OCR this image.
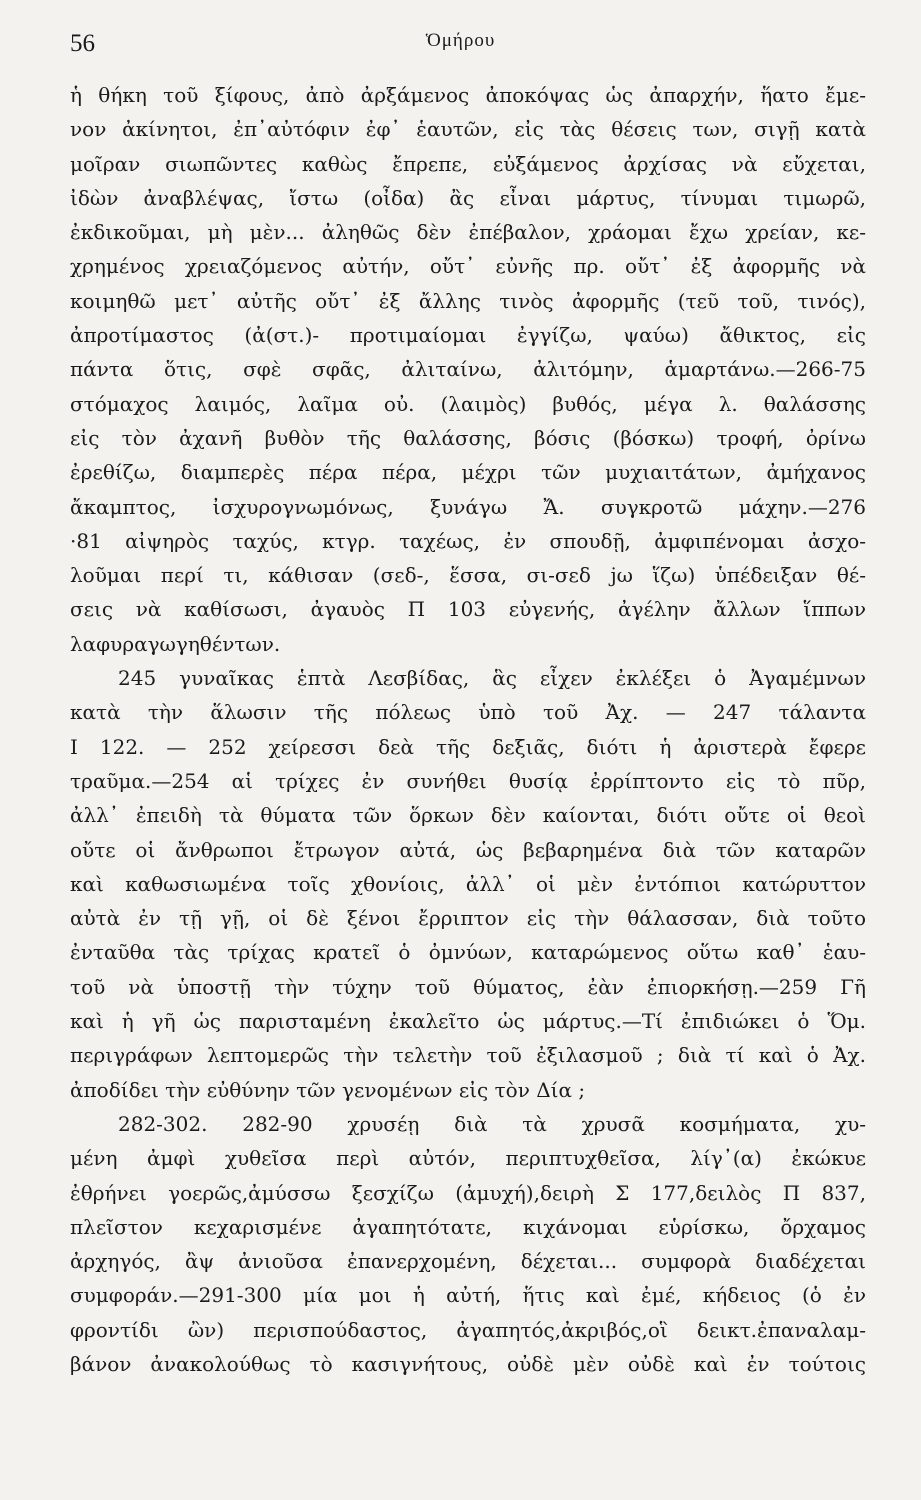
56	Ὁμήρου
ἡ θήκη τοῦ ξίφους, ἀπὸ ἀρξάμενος ἀποκόψας ὡς ἀπαρχήν, ἥατο ἔμε-
νον ἀκίνητοι, ἐπ᾽αὐτόφιν ἐφ᾽ ἑαυτῶν, εἰς τὰς θέσεις των, σιγῇ κατὰ
μοῖραν σιωπῶντες καθὼς ἔπρεπε, εὐξάμενος ἀρχίσας νὰ εὔχεται,
ἰδὼν ἀναβλέψας, ἴστω (οἶδα) ἂς εἶναι μάρτυς, τίνυμαι τιμωρῶ,
ἐκδικοῦμαι, μὴ μὲν... ἀληθῶς δὲν ἐπέβαλον, χράομαι ἔχω χρείαν, κε-
χρημένος χρειαζόμενος αὐτήν, οὔτ᾽ εὐνῆς πρ. οὔτ᾽ ἐξ ἀφορμῆς νὰ
κοιμηθῶ μετ᾽ αὐτῆς οὔτ᾽ ἐξ ἄλλης τινὸς ἀφορμῆς (τεῦ τοῦ, τινός),
ἀπροτίμαστος (ἀ(στ.)- προτιμαίομαι ἐγγίζω, ψαύω) ἄθικτος, εἰς
πάντα ὅτις, σφὲ σφᾶς, ἀλιταίνω, ἀλιτόμην, ἁμαρτάνω.—266-75
στόμαχος λαιμός, λαῖμα οὐ. (λαιμὸς) βυθός, μέγα λ. θαλάσσης
εἰς τὸν ἀχανῆ βυθὸν τῆς θαλάσσης, βόσις (βόσκω) τροφή, ὀρίνω
ἐρεθίζω, διαμπερὲς πέρα πέρα, μέχρι τῶν μυχιαιτάτων, ἀμήχανος
ἄκαμπτος, ἰσχυρογνωμόνως, ξυνάγω Ἄ. συγκροτῶ μάχην.—276
·81 αἰψηρὸς ταχύς, κτγρ. ταχέως, ἐν σπουδῇ, ἀμφιπένομαι ἀσχο-
λοῦμαι περί τι, κάθισαν (σεδ-, ἕσσα, σι-σεδ jω ἵζω) ὑπέδειξαν θέ-
σεις νὰ καθίσωσι, ἀγαυὸς Π 103 εὐγενής, ἀγέλην ἄλλων ἵππων
λαφυραγωγηθέντων.
245 γυναῖκας ἑπτὰ Λεσβίδας, ἃς εἶχεν ἐκλέξει ὁ Ἀγαμέμνων
κατὰ τὴν ἅλωσιν τῆς πόλεως ὑπὸ τοῦ Ἀχ. — 247 τάλαντα
Ι 122. — 252 χείρεσσι δεὰ τῆς δεξιᾶς, διότι ἡ ἀριστερὰ ἔφερε
τραῦμα.—254 αἱ τρίχες ἐν συνήθει θυσίᾳ ἐρρίπτοντο εἰς τὸ πῦρ,
ἀλλ᾽ ἐπειδὴ τὰ θύματα τῶν ὅρκων δὲν καίονται, διότι οὔτε οἱ θεοὶ
οὔτε οἱ ἄνθρωποι ἔτρωγον αὐτά, ὡς βεβαρημένα διὰ τῶν καταρῶν
καὶ καθωσιωμένα τοῖς χθονίοις, ἀλλ᾽ οἱ μὲν ἐντόπιοι κατώρυττον
αὐτὰ ἐν τῇ γῇ, οἱ δὲ ξένοι ἔρριπτον εἰς τὴν θάλασσαν, διὰ τοῦτο
ἐνταῦθα τὰς τρίχας κρατεῖ ὁ ὀμνύων, καταρώμενος οὕτω καθ᾽ ἑαυ-
τοῦ νὰ ὑποστῇ τὴν τύχην τοῦ θύματος, ἐὰν ἐπιορκήσῃ.—259 Γῆ
καὶ ἡ γῆ ὡς παρισταμένη ἐκαλεῖτο ὡς μάρτυς.—Τί ἐπιδιώκει ὁ Ὅμ.
περιγράφων λεπτομερῶς τὴν τελετὴν τοῦ ἐξιλασμοῦ ; διὰ τί καὶ ὁ Ἀχ.
ἀποδίδει τὴν εὐθύνην τῶν γενομένων εἰς τὸν Δία ;
282-302. 282-90 χρυσέῃ διὰ τὰ χρυσᾶ κοσμήματα, χυ-
μένη ἀμφὶ χυθεῖσα περὶ αὐτόν, περιπτυχθεῖσα, λίγ᾽(α) ἐκώκυε
ἐθρήνει γοερῶς,ἀμύσσω ξεσχίζω (ἀμυχή),δειρὴ Σ 177,δειλὸς Π 837,
πλεῖστον κεχαρισμένε ἀγαπητότατε, κιχάνομαι εὑρίσκω, ὄρχαμος
ἀρχηγός, ἂψ ἀνιοῦσα ἐπανερχομένη, δέχεται... συμφορὰ διαδέχεται
συμφοράν.—291-300 μία μοι ἡ αὐτή, ἥτις καὶ ἐμέ, κήδειος (ὁ ἐν
φροντίδι ὢν) περισπούδαστος, ἀγαπητός,ἀκριβός,οἳ δεικτ.ἐπαναλαμ-
βάνον ἀνακολούθως τὸ κασιγνήτους, οὐδὲ μὲν οὐδὲ καὶ ἐν τούτοις
